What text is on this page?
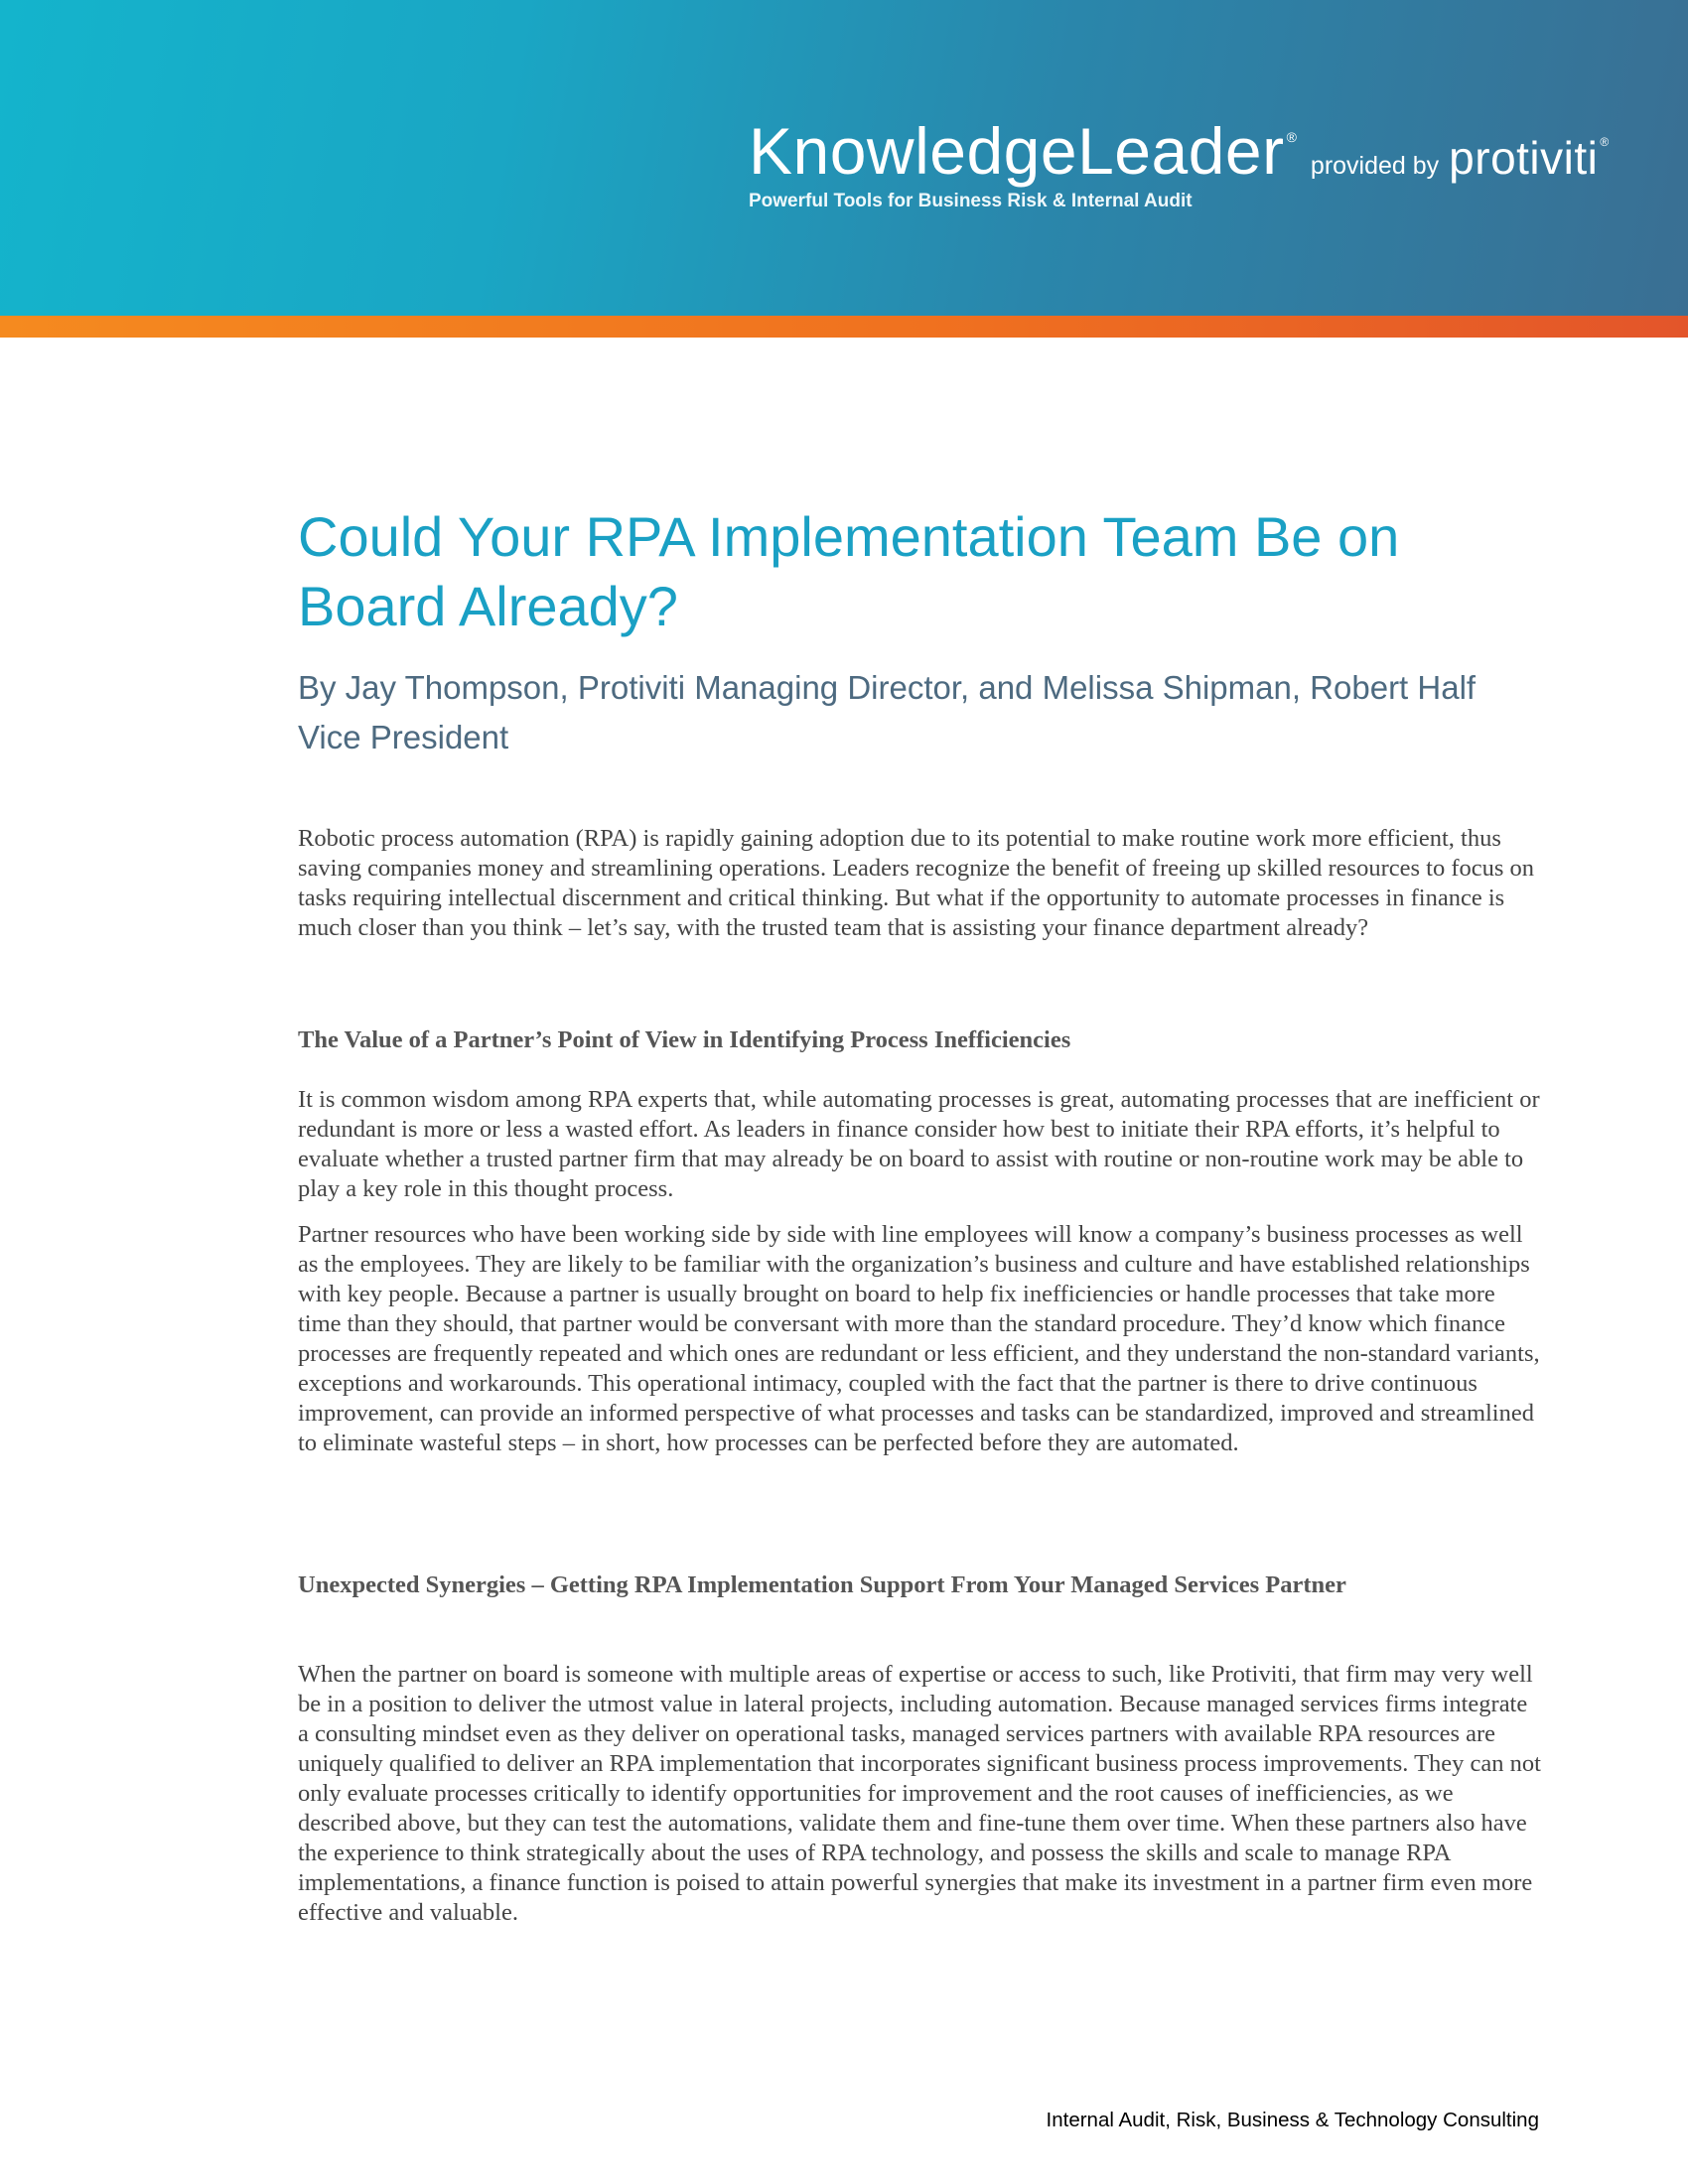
KnowledgeLeader ®provided by protiviti $_®$
Powerful Tools for Business Risk & Internal Audit
Could Your RPA Implementation Team Be on Board Already?

By Jay Thompson, Protiviti Managing Director, and Melissa Shipman, Robert Half Vice President

Robotic process automation (RPA) is rapidly gaining adoption due to its potential to make routine work more efficient, thus saving companies money and streamlining operations. Leaders recognize the benefit of freeing up skilled resources to focus on tasks requiring intellectual discernment and critical thinking. But what if the opportunity to automate processes in finance is much closer than you think – let’s say, with the trusted team that is assisting your finance department already?

The Value of a Partner’s Point of View in Identifying Process Inefficiencies

It is common wisdom among RPA experts that, while automating processes is great, automating processes that are inefficient or redundant is more or less a wasted effort. As leaders in finance consider how best to initiate their RPA efforts, it’s helpful to evaluate whether a trusted partner firm that may already be on board to assist with routine or non-routine work may be able to play a key role in this thought process.

Partner resources who have been working side by side with line employees will know a company’s business processes as well as the employees. They are likely to be familiar with the organization’s business and culture and have established relationships with key people. Because a partner is usually brought on board to help fix inefficiencies or handle processes that take more time than they should, that partner would be conversant with more than the standard procedure. They’d know which finance processes are frequently repeated and which ones are redundant or less efficient, and they understand the non-standard variants, exceptions and workarounds. This operational intimacy, coupled with the fact that the partner is there to drive continuous improvement, can provide an informed perspective of what processes and tasks can be standardized, improved and streamlined to eliminate wasteful steps – in short, how processes can be perfected before they are automated.

Unexpected Synergies – Getting RPA Implementation Support From Your Managed Services Partner

When the partner on board is someone with multiple areas of expertise or access to such, like Protiviti, that firm may very well be in a position to deliver the utmost value in lateral projects, including automation. Because managed services firms integrate a consulting mindset even as they deliver on operational tasks, managed services partners with available RPA resources are uniquely qualified to deliver an RPA implementation that incorporates significant business process improvements. They can not only evaluate processes critically to identify opportunities for improvement and the root causes of inefficiencies, as we described above, but they can test the automations, validate them and fine-tune them over time. When these partners also have the experience to think strategically about the uses of RPA technology, and possess the skills and scale to manage RPA implementations, a finance function is poised to attain powerful synergies that make its investment in a partner firm even more effective and valuable.

Internal Audit, Risk, Business & Technology Consulting
